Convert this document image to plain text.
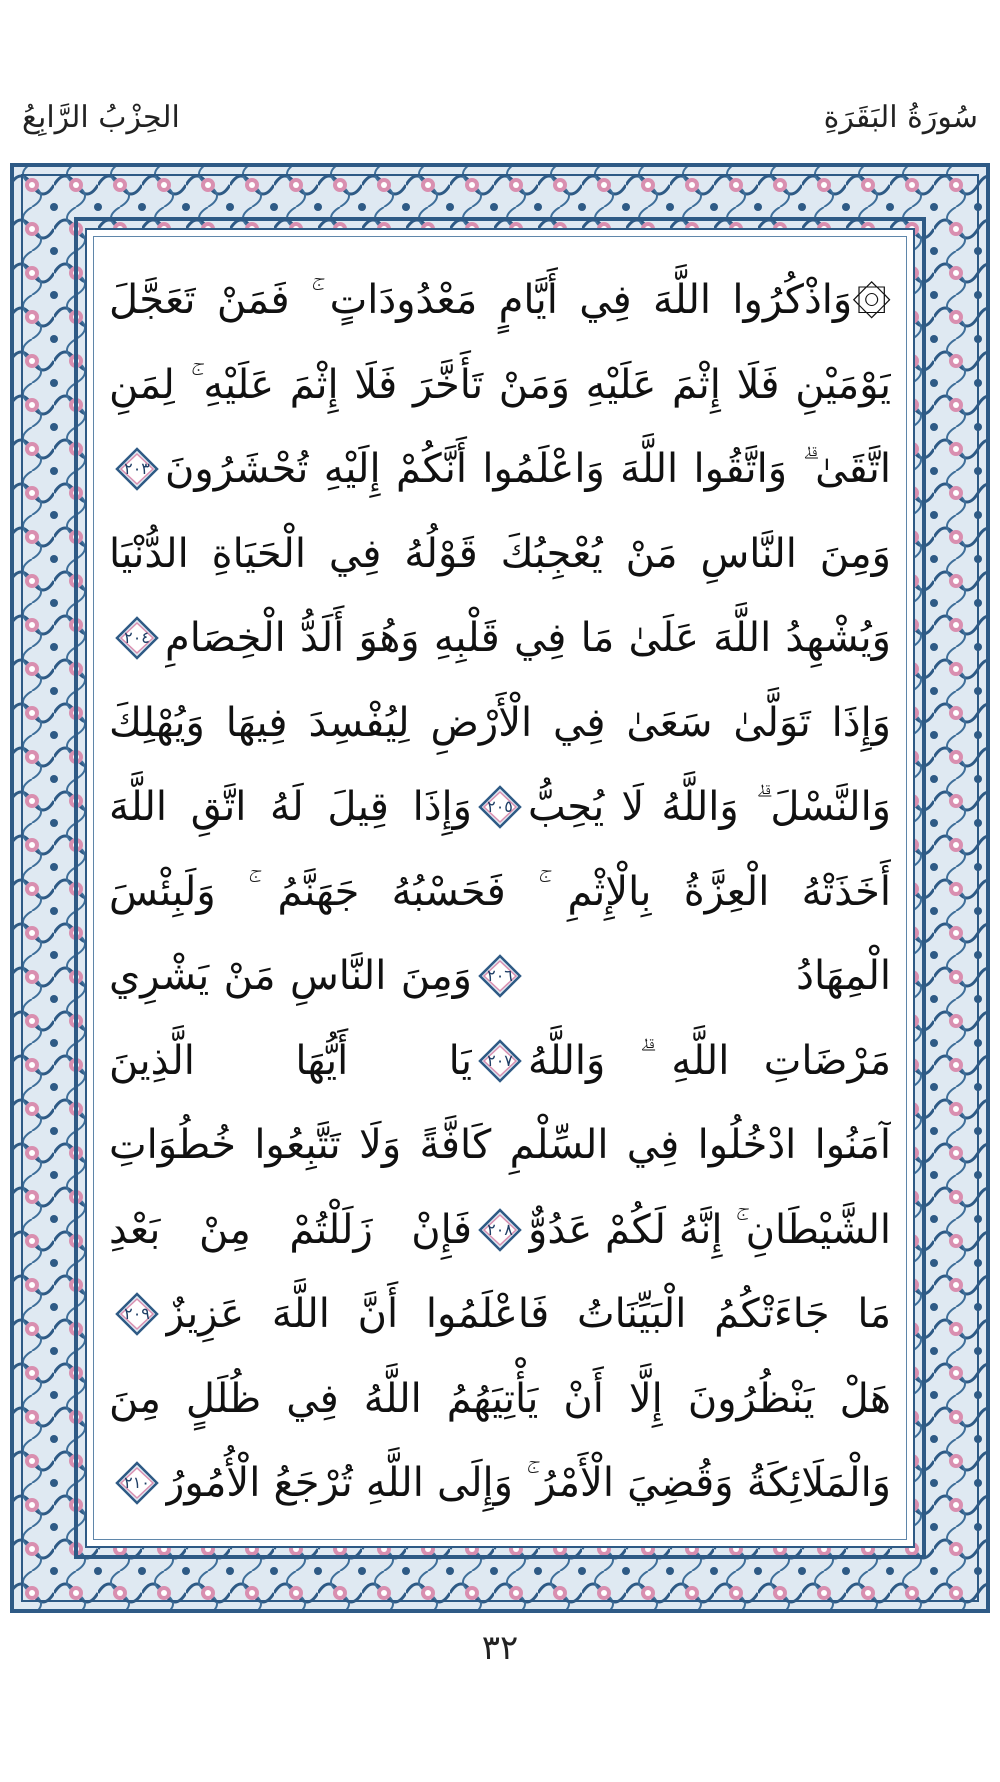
الحِزْبُ الرَّابِعُ	سُورَةُ البَقَرَةِ
۞وَاذْكُرُوا اللَّهَ فِي أَيَّامٍ مَعْدُودَاتٍ ۚ فَمَنْ تَعَجَّلَ
يَوْمَيْنِ فَلَا إِثْمَ عَلَيْهِ وَمَنْ تَأَخَّرَ فَلَا إِثْمَ عَلَيْهِ ۚ لِمَنِ
اتَّقَىٰ ۗ وَاتَّقُوا اللَّهَ وَاعْلَمُوا أَنَّكُمْ إِلَيْهِ تُحْشَرُونَ
٢٠٣
وَمِنَ النَّاسِ مَنْ يُعْجِبُكَ قَوْلُهُ فِي الْحَيَاةِ الدُّنْيَا
وَيُشْهِدُ اللَّهَ عَلَىٰ مَا فِي قَلْبِهِ وَهُوَ أَلَدُّ الْخِصَامِ
٢٠٤
وَإِذَا تَوَلَّىٰ سَعَىٰ فِي الْأَرْضِ لِيُفْسِدَ فِيهَا وَيُهْلِكَ
وَالنَّسْلَ ۗ وَاللَّهُ لَا يُحِبُّ
٢٠٥
وَإِذَا قِيلَ لَهُ اتَّقِ اللَّهَ
أَخَذَتْهُ الْعِزَّةُ بِالْإِثْمِ ۚ فَحَسْبُهُ جَهَنَّمُ ۚ وَلَبِئْسَ
الْمِهَادُ
٢٠٦
وَمِنَ النَّاسِ مَنْ يَشْرِي
مَرْضَاتِ اللَّهِ ۗ وَاللَّهُ
٢٠٧
يَا أَيُّهَا الَّذِينَ
آمَنُوا ادْخُلُوا فِي السِّلْمِ كَافَّةً وَلَا تَتَّبِعُوا خُطُوَاتِ
الشَّيْطَانِ ۚ إِنَّهُ لَكُمْ عَدُوٌّ
٢٠٨
فَإِنْ زَلَلْتُمْ مِنْ بَعْدِ
مَا جَاءَتْكُمُ الْبَيِّنَاتُ فَاعْلَمُوا أَنَّ اللَّهَ عَزِيزٌ
٢٠٩
هَلْ يَنْظُرُونَ إِلَّا أَنْ يَأْتِيَهُمُ اللَّهُ فِي ظُلَلٍ مِنَ
وَالْمَلَائِكَةُ وَقُضِيَ الْأَمْرُ ۚ وَإِلَى اللَّهِ تُرْجَعُ الْأُمُورُ
٢١٠
٣٢
